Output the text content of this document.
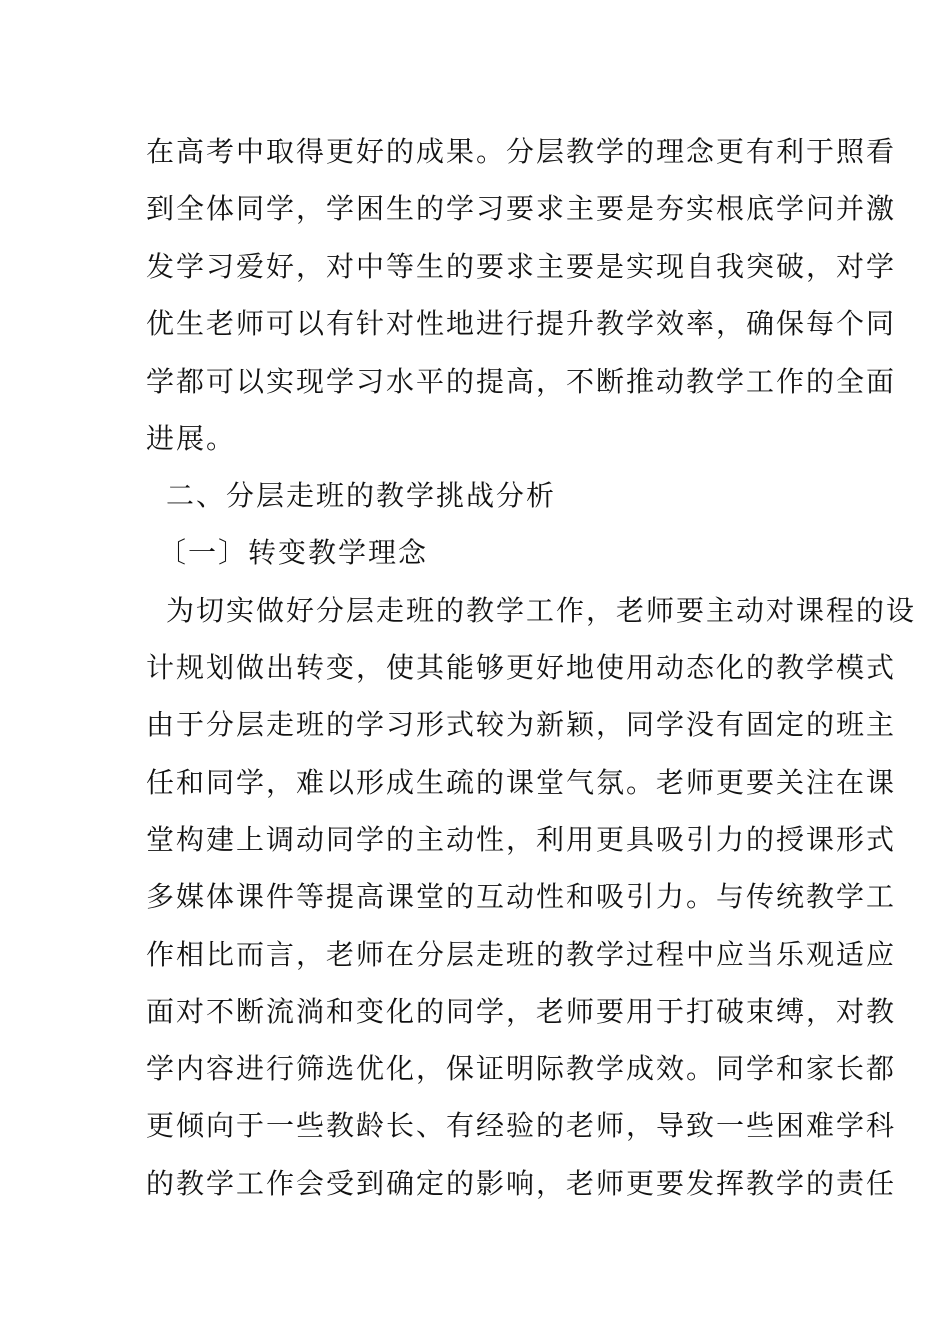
在高考中取得更好的成果。分层教学的理念更有利于照看
到全体同学，学困生的学习要求主要是夯实根底学问并激
发学习爱好，对中等生的要求主要是实现自我突破，对学
优生老师可以有针对性地进行提升教学效率，确保每个同
学都可以实现学习水平的提高，不断推动教学工作的全面
进展。
二、分层走班的教学挑战分析
〔一〕转变教学理念
为切实做好分层走班的教学工作，老师要主动对课程的设
计规划做出转变，使其能够更好地使用动态化的教学模式
由于分层走班的学习形式较为新颖，同学没有固定的班主
任和同学，难以形成生疏的课堂气氛。老师更要关注在课
堂构建上调动同学的主动性，利用更具吸引力的授课形式
多媒体课件等提高课堂的互动性和吸引力。与传统教学工
作相比而言，老师在分层走班的教学过程中应当乐观适应
面对不断流淌和变化的同学，老师要用于打破束缚，对教
学内容进行筛选优化，保证明际教学成效。同学和家长都
更倾向于一些教龄长、有经验的老师，导致一些困难学科
的教学工作会受到确定的影响，老师更要发挥教学的责任
